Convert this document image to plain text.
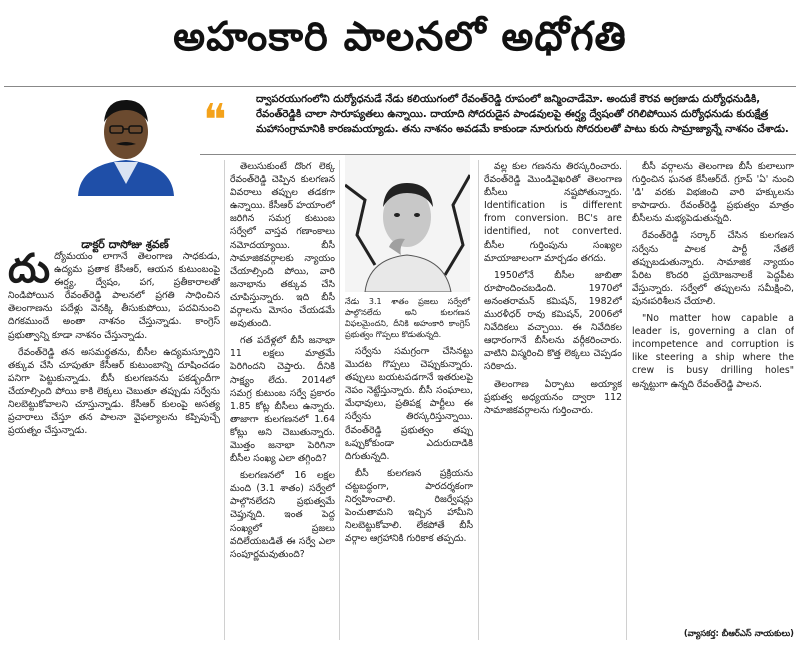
అహంకారి పాలనలో అధోగతి
డాక్టర్ దాసోజు శ్రవణ్
❝	ద్వాపరయుగంలోని దుర్యోధనుడే నేడు కలియుగంలో రేవంత్‌రెడ్డి రూపంలో జన్మించాడేమో. అందుకే కౌరవ అగ్రజుడు దుర్యోధనుడికి, రేవంత్‌రెడ్డికి చాలా సారూప్యతలు ఉన్నాయి. దాయాది సోదరుడైన పాండవులపై ఈర్ష్య ద్వేషంతో రగిలిపోయిన దుర్యోధనుడు కురుక్షేత్ర మహాసంగ్రామానికి కారణమయ్యాడు. తను నాశనం అవడమే కాకుండా నూరుగురు సోదరులతో పాటు కురు సామ్రాజ్యాన్నే నాశనం చేశాడు.

దుద్యోమయం లాగానే తెలంగాణ సాధకుడు, ఉద్యమ ప్రతాక కేసీఆర్, ఆయన కుటుంబంపై ఈర్ష్య, ద్వేషం, పగ, ప్రతీకారాలతో నిండిపోయిన రేవంత్‌రెడ్డి పాలనలో ప్రగతి సాధించిన తెలంగాణను పదేళ్లు వెనక్కి తీసుకుపోయి, పదవినుంచి దిగకముందే అంతా నాశనం చేస్తున్నాడు. కాంగ్రెస్ ప్రభుత్వాన్ని కూడా నాశనం చేస్తున్నాడు.

రేవంత్‌రెడ్డి తన అసమర్థతను, బీసీల ఉద్యమస్ఫూర్తిని తక్కువ చేసి చూపుతూ కేసీఆర్ కుటుంబాన్ని దూషించడం పనిగా పెట్టుకున్నాడు. బీసీ కులగణనను పకడ్బందీగా చేయాల్సింది పోయి కాకి లెక్కలు చెబుతూ తప్పుడు సర్వేను నిలబెట్టుకోవాలని చూస్తున్నాడు. కేసీఆర్ కులంపై అసత్య ప్రచారాలు చేస్తూ తన పాలనా వైఫల్యాలను కప్పిపుచ్చే ప్రయత్నం చేస్తున్నాడు.

తెలుసుకుంటే దొంగ లెక్క రేవంత్‌రెడ్డి చెప్పిన కులగణన వివరాలు తప్పుల తడకగా ఉన్నాయి. కేసీఆర్ హయాంలో జరిగిన సమగ్ర కుటుంబ సర్వేలో వాస్తవ గణాంకాలు నమోదయ్యాయి. బీసీ సామాజికవర్గాలకు న్యాయం చేయాల్సింది పోయి, వారి జనాభాను తక్కువ చేసి చూపిస్తున్నారు. ఇది బీసీ వర్గాలను మోసం చేయడమే అవుతుంది.

గత పదేళ్లలో బీసీ జనాభా 11 లక్షలు మాత్రమే పెరిగిందని చెప్తారు. దీనికి సాక్ష్యం లేదు. 2014లో సమగ్ర కుటుంబ సర్వే ప్రకారం 1.85 కోట్ల బీసీలు ఉన్నారు. తాజాగా కులగణనలో 1.64 కోట్లు అని చెబుతున్నారు. మొత్తం జనాభా పెరిగినా బీసీల సంఖ్య ఎలా తగ్గింది?

కులగణనలో 16 లక్షల మంది (3.1 శాతం) సర్వేలో పాల్గొనలేదని ప్రభుత్వమే చెప్తున్నది. ఇంత పెద్ద సంఖ్యలో ప్రజలు వదిలేయబడితే ఈ సర్వే ఎలా సంపూర్ణమవుతుంది?

నేడు 3.1 శాతం ప్రజలు సర్వేలో పాల్గొనలేదు అని కులగణన విఫలమైందని, దీనికి అహంకారి కాంగ్రెస్ ప్రభుత్వం గొప్పలు కొడుతున్నది.

సర్వేను సమగ్రంగా చేసినట్టు మొదట గొప్పలు చెప్పుకున్నారు. తప్పులు బయటపడగానే ఇతరులపై నెపం నెట్టేస్తున్నారు. బీసీ సంఘాలు, మేధావులు, ప్రతిపక్ష పార్టీలు ఈ సర్వేను తిరస్కరిస్తున్నాయి. రేవంత్‌రెడ్డి ప్రభుత్వం తప్పు ఒప్పుకోకుండా ఎదురుదాడికి దిగుతున్నది.

బీసీ కులగణన ప్రక్రియను చట్టబద్ధంగా, పారదర్శకంగా నిర్వహించాలి. రిజర్వేషన్లు పెంచుతామని ఇచ్చిన హామీని నిలబెట్టుకోవాలి. లేకపోతే బీసీ వర్గాల ఆగ్రహానికి గురికాక తప్పదు.

వల్ల కుల గణనను తిరస్కరించారు. రేవంత్‌రెడ్డి మొండివైఖరితో తెలంగాణ బీసీలు నష్టపోతున్నారు. Identification is different from conversion. BC's are identified, not converted. బీసీల గుర్తింపును సంఖ్యల మాయాజాలంగా మార్చడం తగదు.

1950లోనే బీసీల జాబితా రూపొందించబడింది. 1970లో అనంతరామన్ కమిషన్, 1982లో మురళీధర్ రావు కమిషన్, 2006లో నివేదికలు వచ్చాయి. ఈ నివేదికల ఆధారంగానే బీసీలను వర్గీకరించారు. వాటిని విస్మరించి కొత్త లెక్కలు చెప్పడం సరికాదు.

తెలంగాణ ఏర్పాటు అయ్యాక ప్రభుత్వ అధ్యయనం ద్వారా 112 సామాజికవర్గాలను గుర్తించారు.

బీసీ వర్గాలను తెలంగాణ బీసీ కులాలుగా గుర్తించిన ఘనత కేసీఆర్‌దే. గ్రూప్ 'ఏ' నుంచి 'డి' వరకు విభజించి వారి హక్కులను కాపాడారు. రేవంత్‌రెడ్డి ప్రభుత్వం మాత్రం బీసీలను మభ్యపెడుతున్నది.

రేవంత్‌రెడ్డి సర్కార్ చేసిన కులగణన సర్వేను పాలక పార్టీ నేతలే తప్పుబడుతున్నారు. సామాజిక న్యాయం పేరిట కొందరి ప్రయోజనాలకే పెద్దపీట వేస్తున్నారు. సర్వేలో తప్పులను సమీక్షించి, పునఃపరిశీలన చేయాలి.

"No matter how capable a leader is, governing a clan of incompetence and corruption is like steering a ship where the crew is busy drilling holes" అన్నట్టుగా ఉన్నది రేవంత్‌రెడ్డి పాలన.

(వ్యాసకర్త: బీఆర్ఎస్ నాయకులు)
